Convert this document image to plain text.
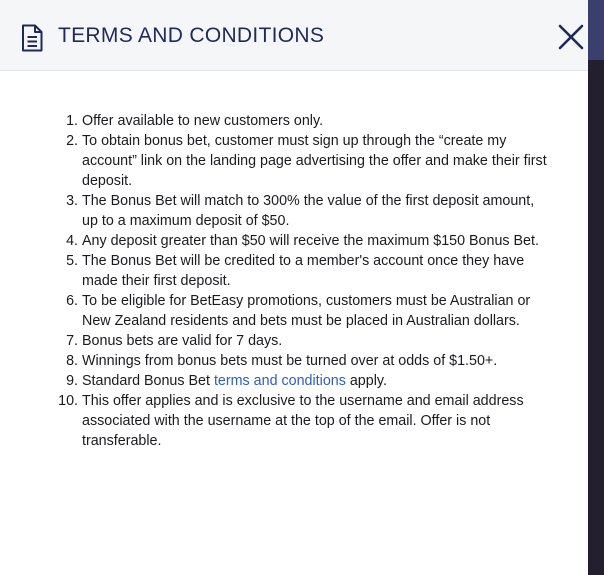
TERMS AND CONDITIONS
1. Offer available to new customers only.
2. To obtain bonus bet, customer must sign up through the “create my account” link on the landing page advertising the offer and make their first deposit.
3. The Bonus Bet will match to 300% the value of the first deposit amount, up to a maximum deposit of $50.
4. Any deposit greater than $50 will receive the maximum $150 Bonus Bet.
5. The Bonus Bet will be credited to a member's account once they have made their first deposit.
6. To be eligible for BetEasy promotions, customers must be Australian or New Zealand residents and bets must be placed in Australian dollars.
7. Bonus bets are valid for 7 days.
8. Winnings from bonus bets must be turned over at odds of $1.50+.
9. Standard Bonus Bet terms and conditions apply.
10. This offer applies and is exclusive to the username and email address associated with the username at the top of the email. Offer is not transferable.
